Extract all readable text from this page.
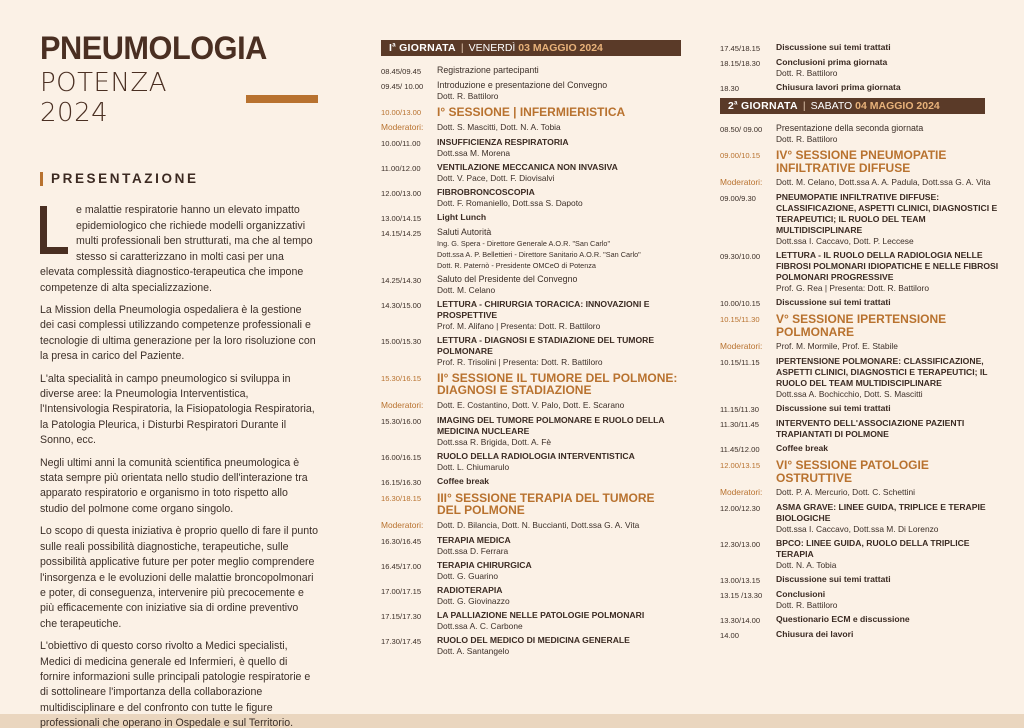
PNEUMOLOGIA
POTENZA 2024
PRESENTAZIONE
e malattie respiratorie hanno un elevato impatto epidemiologico che richiede modelli organizzativi multi professionali ben strutturati, ma che al tempo stesso si caratterizzano in molti casi per una elevata complessità diagnostico-terapeutica che impone competenze di alta specializzazione.

La Mission della Pneumologia ospedaliera è la gestione dei casi complessi utilizzando competenze professionali e tecnologie di ultima generazione per la loro risoluzione con la presa in carico del Paziente.

L'alta specialità in campo pneumologico si sviluppa in diverse aree: la Pneumologia Interventistica, l'Intensivologia Respiratoria, la Fisiopatologia Respiratoria, la Patologia Pleurica, i Disturbi Respiratori Durante il Sonno, ecc.

Negli ultimi anni la comunità scientifica pneumologica è stata sempre più orientata nello studio dell'interazione tra apparato respiratorio e organismo in toto rispetto allo studio del polmone come organo singolo.

Lo scopo di questa iniziativa è proprio quello di fare il punto sulle reali possibilità diagnostiche, terapeutiche, sulle possibilità applicative future per poter meglio comprendere l'insorgenza e le evoluzioni delle malattie broncopolmonari e poter, di conseguenza, intervenire più precocemente e più efficacemente con iniziative sia di ordine preventivo che terapeutiche.

L'obiettivo di questo corso rivolto a Medici specialisti, Medici di medicina generale ed Infermieri, è quello di fornire informazioni sulle principali patologie respiratorie e di sottolineare l'importanza della collaborazione multidisciplinare e del confronto con tutte le figure professionali che operano in Ospedale e sul Territorio.

$I^a$ GIORNATA | VENERDÌ
03 MAGGIO 2024
08.45/09.45	Registrazione partecipanti
09.45/ 10.00	Introduzione e presentazione del Convegno
Dott. R. Battiloro
10.00/13.00	I° SESSIONE | INFERMIERISTICA
Moderatori:	Dott. S. Mascitti, Dott. N. A. Tobia
10.00/11.00	INSUFFICIENZA RESPIRATORIA
Dott.ssa M. Morena
11.00/12.00	VENTILAZIONE MECCANICA NON INVASIVA
Dott. V. Pace, Dott. F. Diovisalvi
12.00/13.00	FIBROBRONCOSCOPIA
Dott. F. Romaniello, Dott.ssa S. Dapoto
13.00/14.15	Light Lunch
14.15/14.25	Saluti Autorità
Ing. G. Spera - Direttore Generale A.O.R. "San Carlo"
Dott.ssa A. P. Bellettieri - Direttore Sanitario A.O.R. "San Carlo"
Dott. R. Paternò - Presidente OMCeO di Potenza
14.25/14.30	Saluto del Presidente del Convegno
Dott. M. Celano
14.30/15.00	LETTURA - CHIRURGIA TORACICA: INNOVAZIONI E PROSPETTIVE
Prof. M. Alifano | Presenta: Dott. R. Battiloro
15.00/15.30	LETTURA - DIAGNOSI E STADIAZIONE DEL TUMORE POLMONARE
Prof. R. Trisolini | Presenta: Dott. R. Battiloro
15.30/16.15	II° SESSIONE IL TUMORE DEL POLMONE: DIAGNOSI E STADIAZIONE
Moderatori:	Dott. E. Costantino, Dott. V. Palo, Dott. E. Scarano
15.30/16.00	IMAGING DEL TUMORE POLMONARE E RUOLO DELLA MEDICINA NUCLEARE
Dott.ssa R. Brigida, Dott. A. Fè
16.00/16.15	RUOLO DELLA RADIOLOGIA INTERVENTISTICA
Dott. L. Chiumarulo
16.15/16.30	Coffee break
16.30/18.15	III° SESSIONE TERAPIA DEL TUMORE DEL POLMONE
Moderatori:	Dott. D. Bilancia, Dott. N. Buccianti, Dott.ssa G. A. Vita
16.30/16.45	TERAPIA MEDICA
Dott.ssa D. Ferrara
16.45/17.00	TERAPIA CHIRURGICA
Dott. G. Guarino
17.00/17.15	RADIOTERAPIA
Dott. G. Giovinazzo
17.15/17.30	LA PALLIAZIONE NELLE PATOLOGIE POLMONARI
Dott.ssa A. C. Carbone
17.30/17.45	RUOLO DEL MEDICO DI MEDICINA GENERALE
Dott. A. Santangelo
17.45/18.15	Discussione sui temi trattati
18.15/18.30	Conclusioni prima giornata
Dott. R. Battiloro
18.30	Chiusura lavori prima giornata
2$^a$ GIORNATA | SABATO
04 MAGGIO 2024
08.50/ 09.00	Presentazione della seconda giornata
Dott. R. Battiloro
09.00/10.15	IV° SESSIONE PNEUMOPATIE INFILTRATIVE DIFFUSE
Moderatori:	Dott. M. Celano, Dott.ssa A. A. Padula, Dott.ssa G. A. Vita
09.00/9.30	PNEUMOPATIE INFILTRATIVE DIFFUSE: CLASSIFICAZIONE, ASPETTI CLINICI, DIAGNOSTICI E TERAPEUTICI; IL RUOLO DEL TEAM MULTIDISCIPLINARE
Dott.ssa I. Caccavo, Dott. P. Leccese
09.30/10.00	LETTURA - IL RUOLO DELLA RADIOLOGIA NELLE FIBROSI POLMONARI IDIOPATICHE E NELLE FIBROSI POLMONARI PROGRESSIVE
Prof. G. Rea | Presenta: Dott. R. Battiloro
10.00/10.15	Discussione sui temi trattati
10.15/11.30	V° SESSIONE IPERTENSIONE POLMONARE
Moderatori:	Prof. M. Mormile, Prof. E. Stabile
10.15/11.15	IPERTENSIONE POLMONARE: CLASSIFICAZIONE, ASPETTI CLINICI, DIAGNOSTICI E TERAPEUTICI; IL RUOLO DEL TEAM MULTIDISCIPLINARE
Dott.ssa A. Bochicchio, Dott. S. Mascitti
11.15/11.30	Discussione sui temi trattati
11.30/11.45	INTERVENTO DELL'ASSOCIAZIONE PAZIENTI TRAPIANTATI DI POLMONE
11.45/12.00	Coffee break
12.00/13.15	VI° SESSIONE PATOLOGIE OSTRUTTIVE
Moderatori:	Dott. P. A. Mercurio, Dott. C. Schettini
12.00/12.30	ASMA GRAVE: LINEE GUIDA, TRIPLICE E TERAPIE BIOLOGICHE
Dott.ssa I. Caccavo, Dott.ssa M. Di Lorenzo
12.30/13.00	BPCO: LINEE GUIDA, RUOLO DELLA TRIPLICE TERAPIA
Dott. N. A. Tobia
13.00/13.15	Discussione sui temi trattati
13.15 /13.30	Conclusioni
Dott. R. Battiloro
13.30/14.00	Questionario ECM e discussione
14.00	Chiusura dei lavori
